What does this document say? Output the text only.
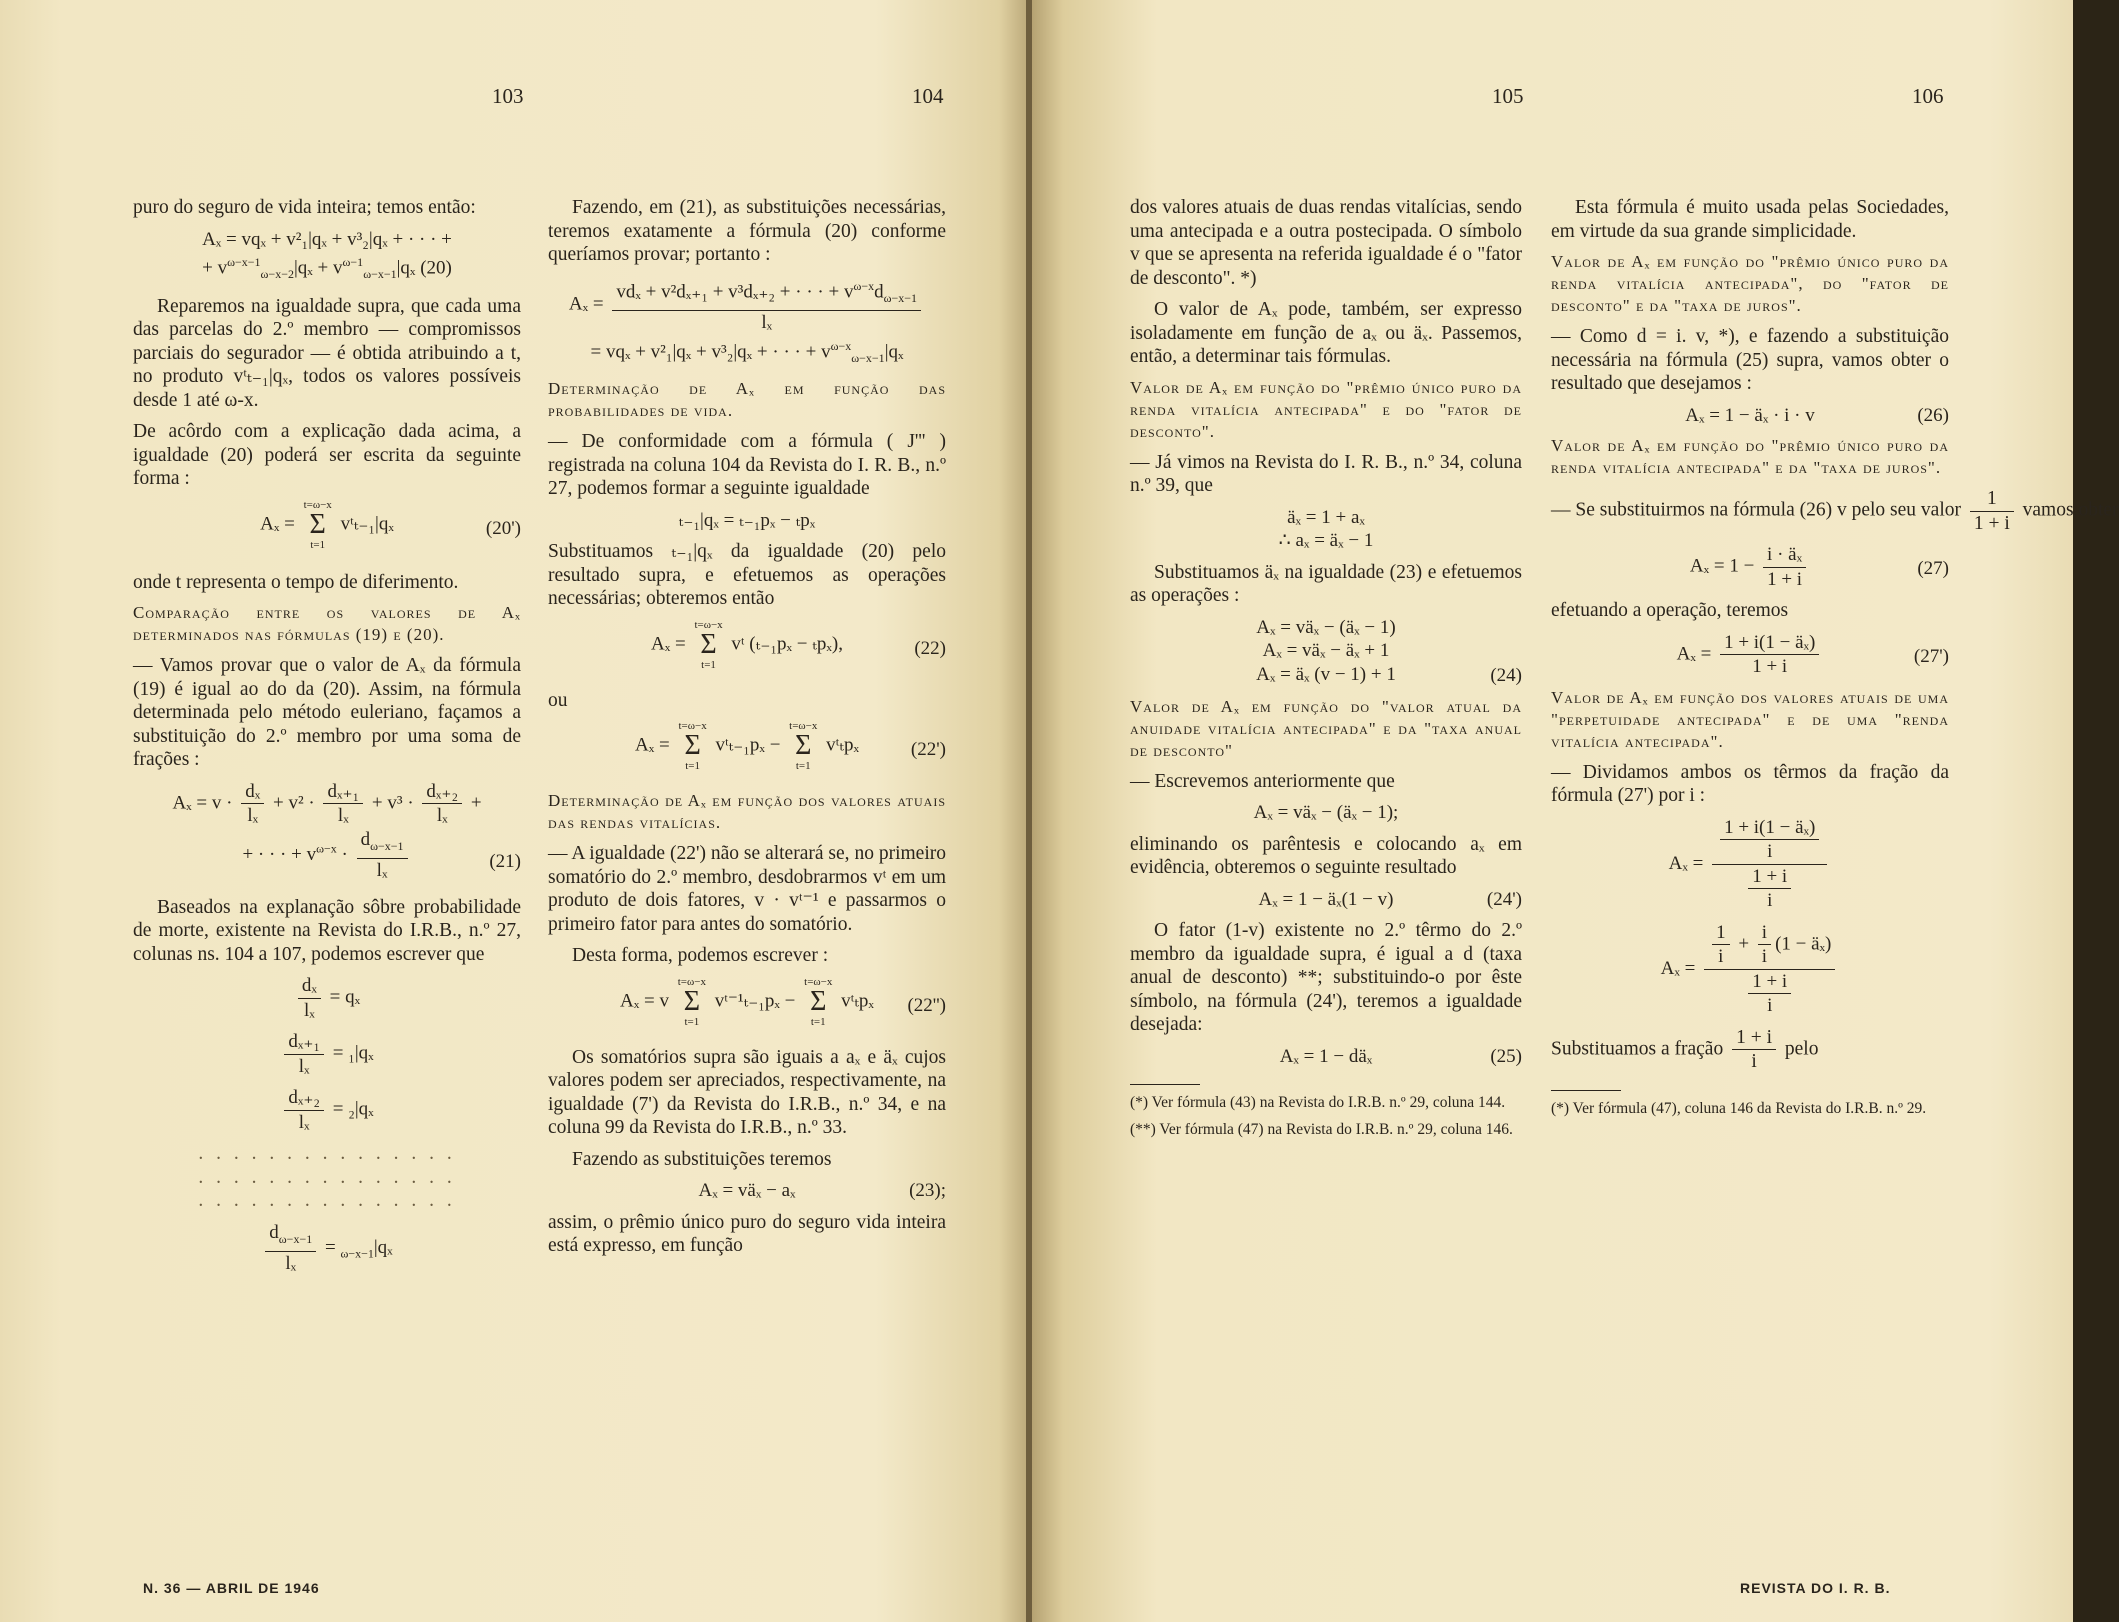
103	104	105	106

puro do seguro de vida inteira; temos então:

Aₓ = vqₓ + v²₁|qₓ + v³₂|qₓ + · · · +
+ $v^{\omega-x-1}_{\omega-x-2}|q_x + v^{\omega-1}_{\omega-x-1}|q_x$ (20)

Reparemos na igualdade supra, que cada uma das parcelas do 2.º membro — compromissos parciais do segurador — é obtida atribuindo a t, no produto vᵗₜ₋₁|qₓ, todos os valores possíveis desde 1 até ω-x.

De acôrdo com a explicação dada acima, a igualdade (20) poderá ser escrita da seguinte forma :

Aₓ = t=ω−x
Σ
t=1 vᵗₜ₋₁|qₓ	(20')

onde t representa o tempo de diferimento.

Comparação entre os valores de Aₓ determinados nas fórmulas (19) e (20).

— Vamos provar que o valor de Aₓ da fórmula (19) é igual ao do da (20). Assim, na fórmula determinada pelo método euleriano, façamos a substituição do 2.º membro por uma soma de frações :

$A_x = v \cdot \frac{\text{dₓ}}{\text{lₓ}} + v^2 \cdot \frac{\text{dₓ₊₁}}{\text{lₓ}} + v^3 \cdot \frac{\text{dₓ₊₂}}{\text{lₓ}}$ +
+ · · · + $v^{\omega-x} \cdot \frac{d_{\omega-x-1}}{\text{lₓ}}$	(21)

Baseados na explanação sôbre probabilidade de morte, existente na Revista do I.R.B., n.º 27, colunas ns. 104 a 107, podemos escrever que

$\frac{\text{dₓ}}{\text{lₓ}} = q_x$
$\frac{\text{dₓ₊₁}}{\text{lₓ}} = _1|q_x$
$\frac{\text{dₓ₊₂}}{\text{lₓ}} = _2|q_x$
. . . . . . . . . . . . . . .
. . . . . . . . . . . . . . .
. . . . . . . . . . . . . . .
$\frac{d_{\omega-x-1}}{\text{lₓ}} = _{\omega-x-1}|q_x$

Fazendo, em (21), as substituições necessárias, teremos exatamente a fórmula (20) conforme queríamos provar; portanto :

Aₓ =
vdₓ + v²dₓ₊₁ + v³dₓ₊₂ + · · · + $v^{\omega-x}d_{\omega-x-1}$
lₓ

= vqₓ + v²₁|qₓ + v³₂|qₓ + · · · + $v^{\omega-x}_{\omega-x-1}|q_x$

Determinação de Aₓ em função das probabilidades de vida.

— De conformidade com a fórmula ( J''' ) registrada na coluna 104 da Revista do I. R. B., n.º 27, podemos formar a seguinte igualdade

ₜ₋₁|qₓ = ₜ₋₁pₓ − ₜpₓ

Substituamos ₜ₋₁|qₓ da igualdade (20) pelo resultado supra, e efetuemos as operações necessárias; obteremos então

Aₓ = t=ω−x
Σ
t=1 vᵗ (ₜ₋₁pₓ − ₜpₓ),	(22)

ou

Aₓ = t=ω−x
Σ
t=1 vᵗₜ₋₁pₓ − t=ω−x
Σ
t=1 vᵗₜpₓ	(22')

Determinação de Aₓ em função dos valores atuais das rendas vitalícias.

— A igualdade (22') não se alterará se, no primeiro somatório do 2.º membro, desdobrarmos vᵗ em um produto de dois fatores, v · vᵗ⁻¹ e passarmos o primeiro fator para antes do somatório.

Desta forma, podemos escrever :

Aₓ = v t=ω−x
Σ
t=1 vᵗ⁻¹ₜ₋₁pₓ − t=ω−x
Σ
t=1 vᵗₜpₓ (22'')

Os somatórios supra são iguais a aₓ e äₓ cujos valores podem ser apreciados, respectivamente, na igualdade (7') da Revista do I.R.B., n.º 34, e na coluna 99 da Revista do I.R.B., n.º 33.

Fazendo as substituições teremos

Aₓ = väₓ − aₓ	(23);

assim, o prêmio único puro do seguro vida inteira está expresso, em função

dos valores atuais de duas rendas vitalícias, sendo uma antecipada e a outra postecipada. O símbolo v que se apresenta na referida igualdade é o "fator de desconto". *)

O valor de Aₓ pode, também, ser expresso isoladamente em função de aₓ ou äₓ. Passemos, então, a determinar tais fórmulas.

Valor de Aₓ em função do "prêmio único puro da renda vitalícia antecipada" e do "fator de desconto".

— Já vimos na Revista do I. R. B., n.º 34, coluna n.º 39, que

äₓ = 1 + aₓ
∴ aₓ = äₓ − 1

Substituamos äₓ na igualdade (23) e efetuemos as operações :

Aₓ = väₓ − (äₓ − 1)
Aₓ = väₓ − äₓ + 1
Aₓ = äₓ (v − 1) + 1	(24)

Valor de Aₓ em função do "valor atual da anuidade vitalícia antecipada" e da "taxa anual de desconto"

— Escrevemos anteriormente que

Aₓ = väₓ − (äₓ − 1);

eliminando os parêntesis e colocando aₓ em evidência, obteremos o seguinte resultado

Aₓ = 1 − äₓ(1 − v)	(24')

O fator (1-v) existente no 2.º têrmo do 2.º membro da igualdade supra, é igual a d (taxa anual de desconto) **; substituindo-o por êste símbolo, na fórmula (24'), teremos a igualdade desejada:

Aₓ = 1 − däₓ	(25)

(*) Ver fórmula (43) na Revista do I.R.B. n.º 29, coluna 144.

(**) Ver fórmula (47) na Revista do I.R.B. n.º 29, coluna 146.

Esta fórmula é muito usada pelas Sociedades, em virtude da sua grande simplicidade.

Valor de Aₓ em função do "prêmio único puro da renda vitalícia antecipada", do "fator de desconto" e da "taxa de juros".

— Como d = i. v, *), e fazendo a substituição necessária na fórmula (25) supra, vamos obter o resultado que desejamos :

Aₓ = 1 − äₓ · i · v	(26)

Valor de Aₓ em função do "prêmio único puro da renda vitalícia antecipada" e da "taxa de juros".

— Se substituirmos na fórmula (26) v pelo seu valor $\frac{1}{1 + i}$ vamos obter

$A_x = 1 - \frac{\text{i · äₓ}}{1 + i}$	(27)

efetuando a operação, teremos

$A_x = \frac{\text{1 + i(1 − äₓ)}}{1 + i}$	(27')

Valor de Aₓ em função dos valores atuais de uma "perpetuidade antecipada" e de uma "renda vitalícia antecipada".

— Dividamos ambos os têrmos da fração da fórmula (27') por i :

$A_x = \frac{\frac{\text{1 + i(1 − äₓ)}}{i}}{\frac{1 + i}{i}}$
$A_x = \frac{\frac{1}{i} + \frac{i}{i} (1 - ä_x)}{\frac{1 + i}{i}}$

Substituamos a fração $\frac{1 + i}{i}$ pelo

(*) Ver fórmula (47), coluna 146 da Revista do I.R.B. n.º 29.

N. 36 — ABRIL DE 1946	REVISTA DO I. R. B.
